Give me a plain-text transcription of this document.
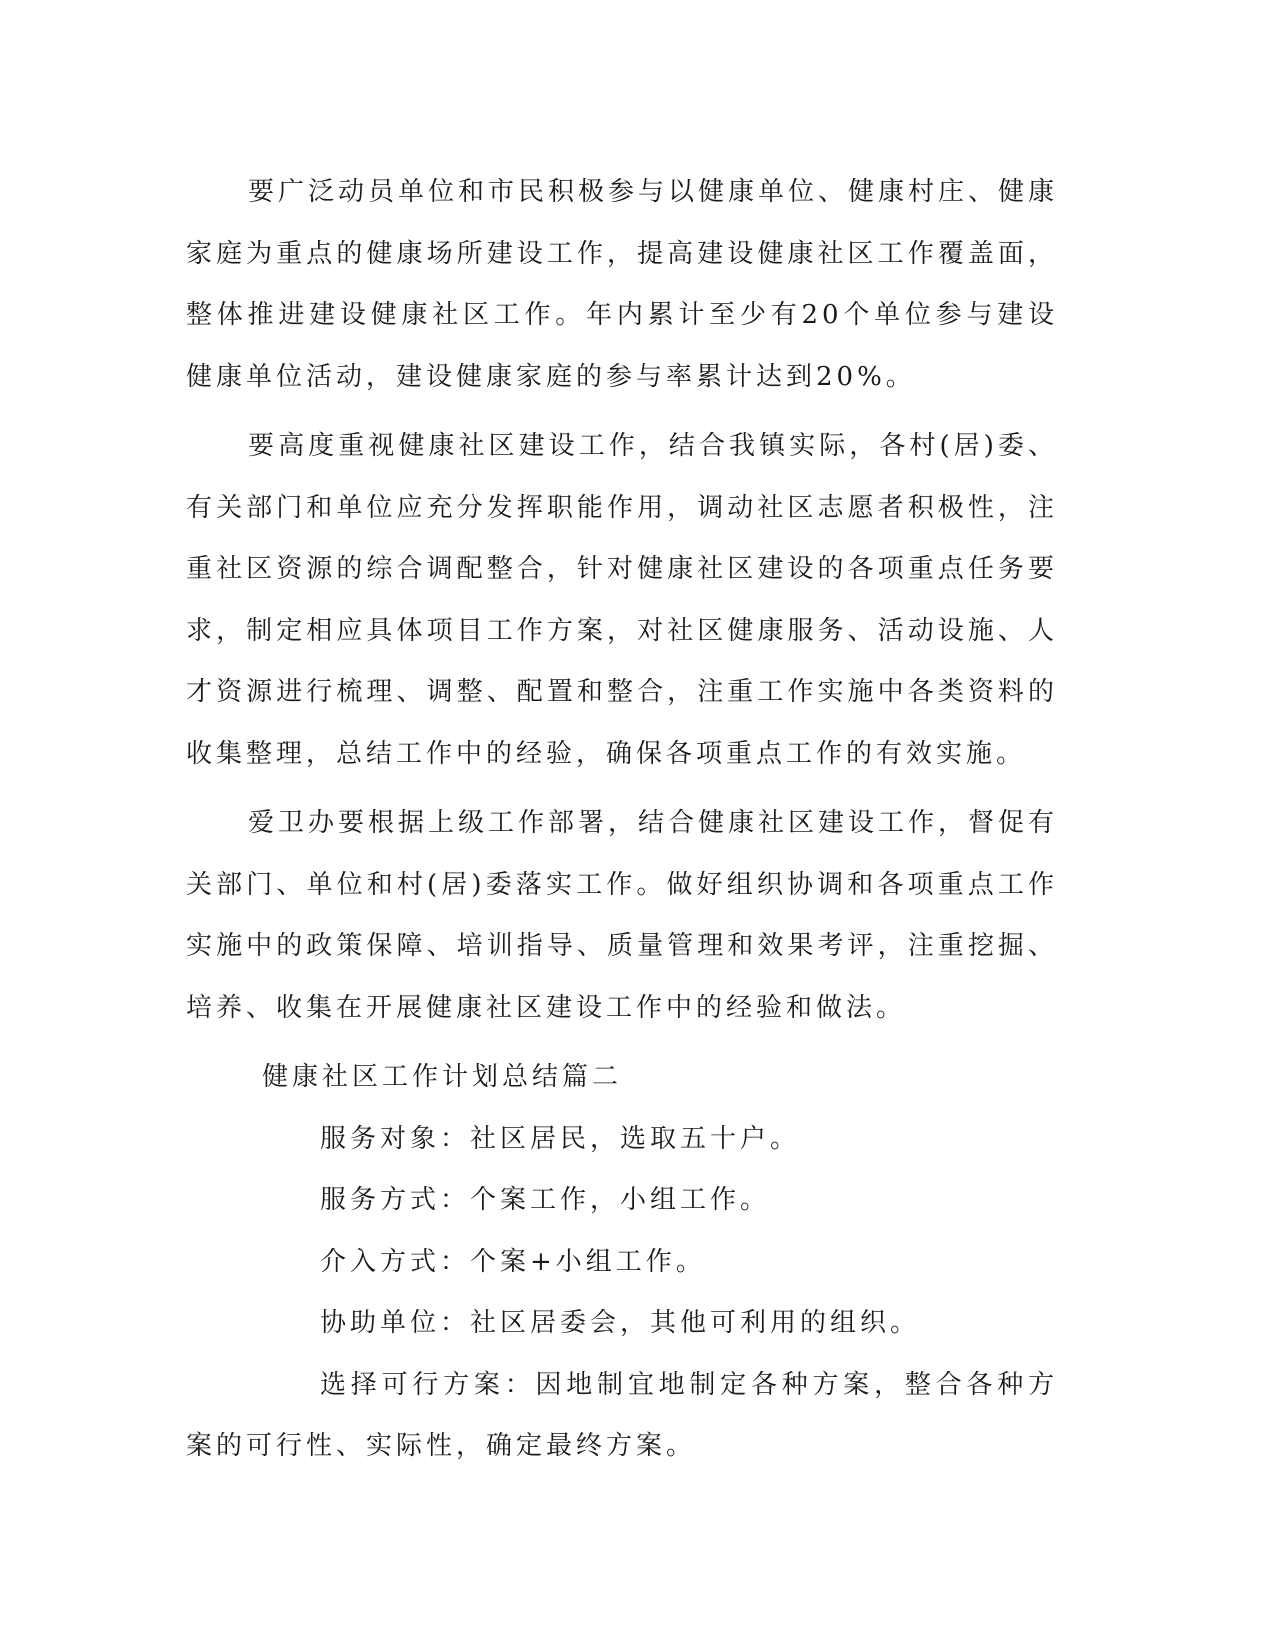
要广泛动员单位和市民积极参与以健康单位、健康村庄、健康家庭为重点的健康场所建设工作，提高建设健康社区工作覆盖面，整体推进建设健康社区工作。年内累计至少有20个单位参与建设健康单位活动，建设健康家庭的参与率累计达到20%。

要高度重视健康社区建设工作，结合我镇实际，各村(居)委、有关部门和单位应充分发挥职能作用，调动社区志愿者积极性，注重社区资源的综合调配整合，针对健康社区建设的各项重点任务要求，制定相应具体项目工作方案，对社区健康服务、活动设施、人才资源进行梳理、调整、配置和整合，注重工作实施中各类资料的收集整理，总结工作中的经验，确保各项重点工作的有效实施。

爱卫办要根据上级工作部署，结合健康社区建设工作，督促有关部门、单位和村(居)委落实工作。做好组织协调和各项重点工作实施中的政策保障、培训指导、质量管理和效果考评，注重挖掘、培养、收集在开展健康社区建设工作中的经验和做法。

健康社区工作计划总结篇二

服务对象：社区居民，选取五十户。

服务方式：个案工作，小组工作。

介入方式：个案+小组工作。

协助单位：社区居委会，其他可利用的组织。

选择可行方案：因地制宜地制定各种方案，整合各种方案的可行性、实际性，确定最终方案。
